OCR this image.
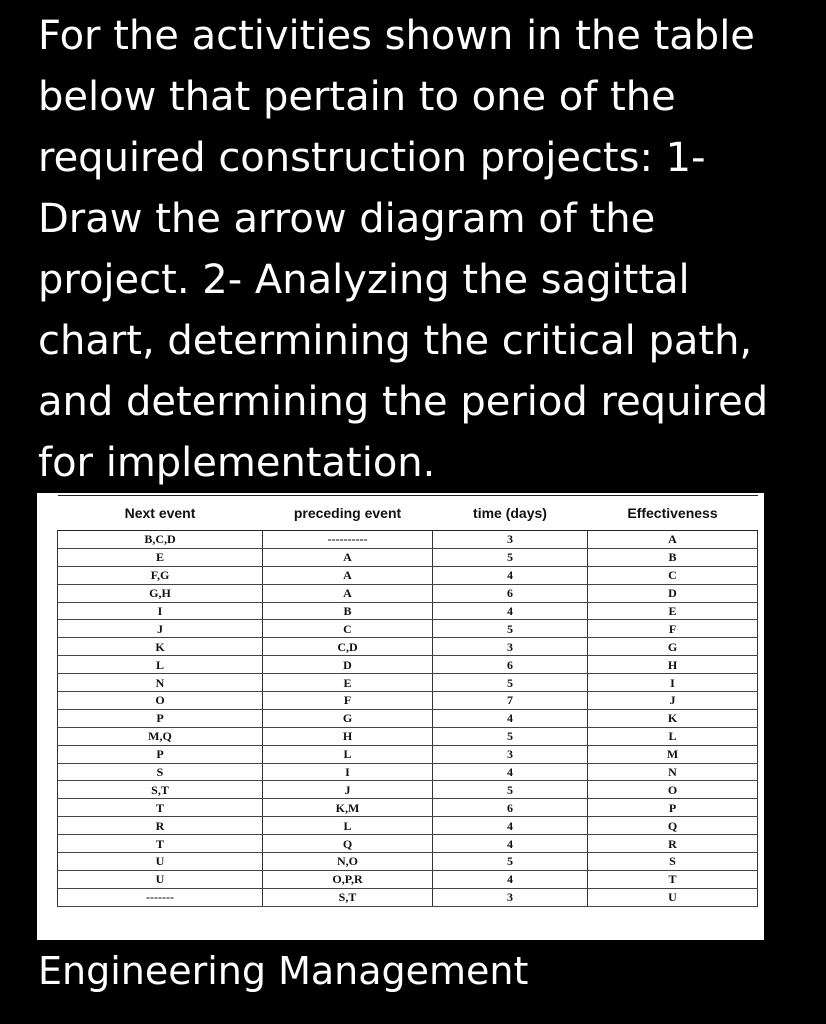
For the activities shown in the table below that pertain to one of the required construction projects: 1- Draw the arrow diagram of the project. 2- Analyzing the sagittal chart, determining the critical path, and determining the period required for implementation.

Next event	preceding event	time (days)	Effectiveness
B,C,D	----------	3	A
E	A	5	B
F,G	A	4	C
G,H	A	6	D
I	B	4	E
J	C	5	F
K	C,D	3	G
L	D	6	H
N	E	5	I
O	F	7	J
P	G	4	K
M,Q	H	5	L
P	L	3	M
S	I	4	N
S,T	J	5	O
T	K,M	6	P
R	L	4	Q
T	Q	4	R
U	N,O	5	S
U	O,P,R	4	T
-------	S,T	3	U

Engineering Management
